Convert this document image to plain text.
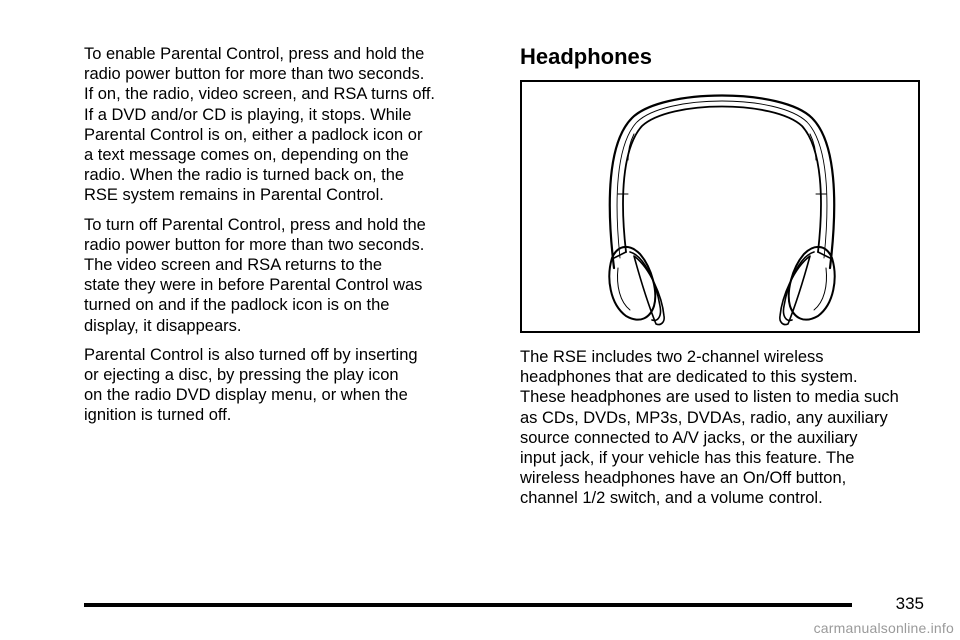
To enable Parental Control, press and hold the
radio power button for more than two seconds.
If on, the radio, video screen, and RSA turns off.
If a DVD and/or CD is playing, it stops. While
Parental Control is on, either a padlock icon or
a text message comes on, depending on the
radio. When the radio is turned back on, the
RSE system remains in Parental Control.

To turn off Parental Control, press and hold the
radio power button for more than two seconds.
The video screen and RSA returns to the
state they were in before Parental Control was
turned on and if the padlock icon is on the
display, it disappears.

Parental Control is also turned off by inserting
or ejecting a disc, by pressing the play icon
on the radio DVD display menu, or when the
ignition is turned off.

Headphones

The RSE includes two 2-channel wireless
headphones that are dedicated to this system.
These headphones are used to listen to media such
as CDs, DVDs, MP3s, DVDAs, radio, any auxiliary
source connected to A/V jacks, or the auxiliary
input jack, if your vehicle has this feature. The
wireless headphones have an On/Off button,
channel 1/2 switch, and a volume control.

335
carmanualsonline.info
